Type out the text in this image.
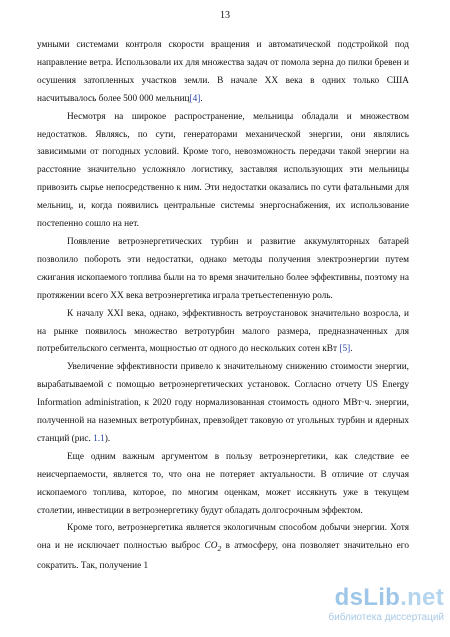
13

умными системами контроля скорости вращения и автоматической подстройкой под направление ветра. Использовали их для множества задач от помола зерна до пилки бревен и осушения затопленных участков земли. В начале XX века в одних только США насчитывалось более 500 000 мельниц[4].

Несмотря на широкое распространение, мельницы обладали и множеством недостатков. Являясь, по сути, генераторами механической энергии, они являлись зависимыми от погодных условий. Кроме того, невозможность передачи такой энергии на расстояние значительно усложняло логистику, заставляя использующих эти мельницы привозить сырье непосредственно к ним. Эти недостатки оказались по сути фатальными для мельниц, и, когда появились центральные системы энергоснабжения, их использование постепенно сошло на нет.

Появление ветроэнергетических турбин и развитие аккумуляторных батарей позволило побороть эти недостатки, однако методы получения электроэнергии путем сжигания ископаемого топлива были на то время значительно более эффективны, поэтому на протяжении всего XX века ветроэнергетика играла третьестепенную роль.

К началу XXI века, однако, эффективность ветроустановок значительно возросла, и на рынке появилось множество ветротурбин малого размера, предназначенных для потребительского сегмента, мощностью от одного до нескольких сотен кВт [5].

Увеличение эффективности привело к значительному снижению стоимости энергии, вырабатываемой с помощью ветроэнергетических установок. Согласно отчету US Energy Information administration, к 2020 году нормализованная стоимость одного МВт·ч. энергии, полученной на наземных ветротурбинах, превзойдет таковую от угольных турбин и ядерных станций (рис. 1.1).

Еще одним важным аргументом в пользу ветроэнергетики, как следствие ее неисчерпаемости, является то, что она не потеряет актуальности. В отличие от случая ископаемого топлива, которое, по многим оценкам, может иссякнуть уже в текущем столетии, инвестиции в ветроэнергетику будут обладать долгосрочным эффектом.

Кроме того, ветроэнергетика является экологичным способом добычи энергии. Хотя она и не исключает полностью выброс $CO_2$ в атмосферу, она позволяет значительно его сократить. Так, получение 1

dsLib.net
библиотека диссертаций
